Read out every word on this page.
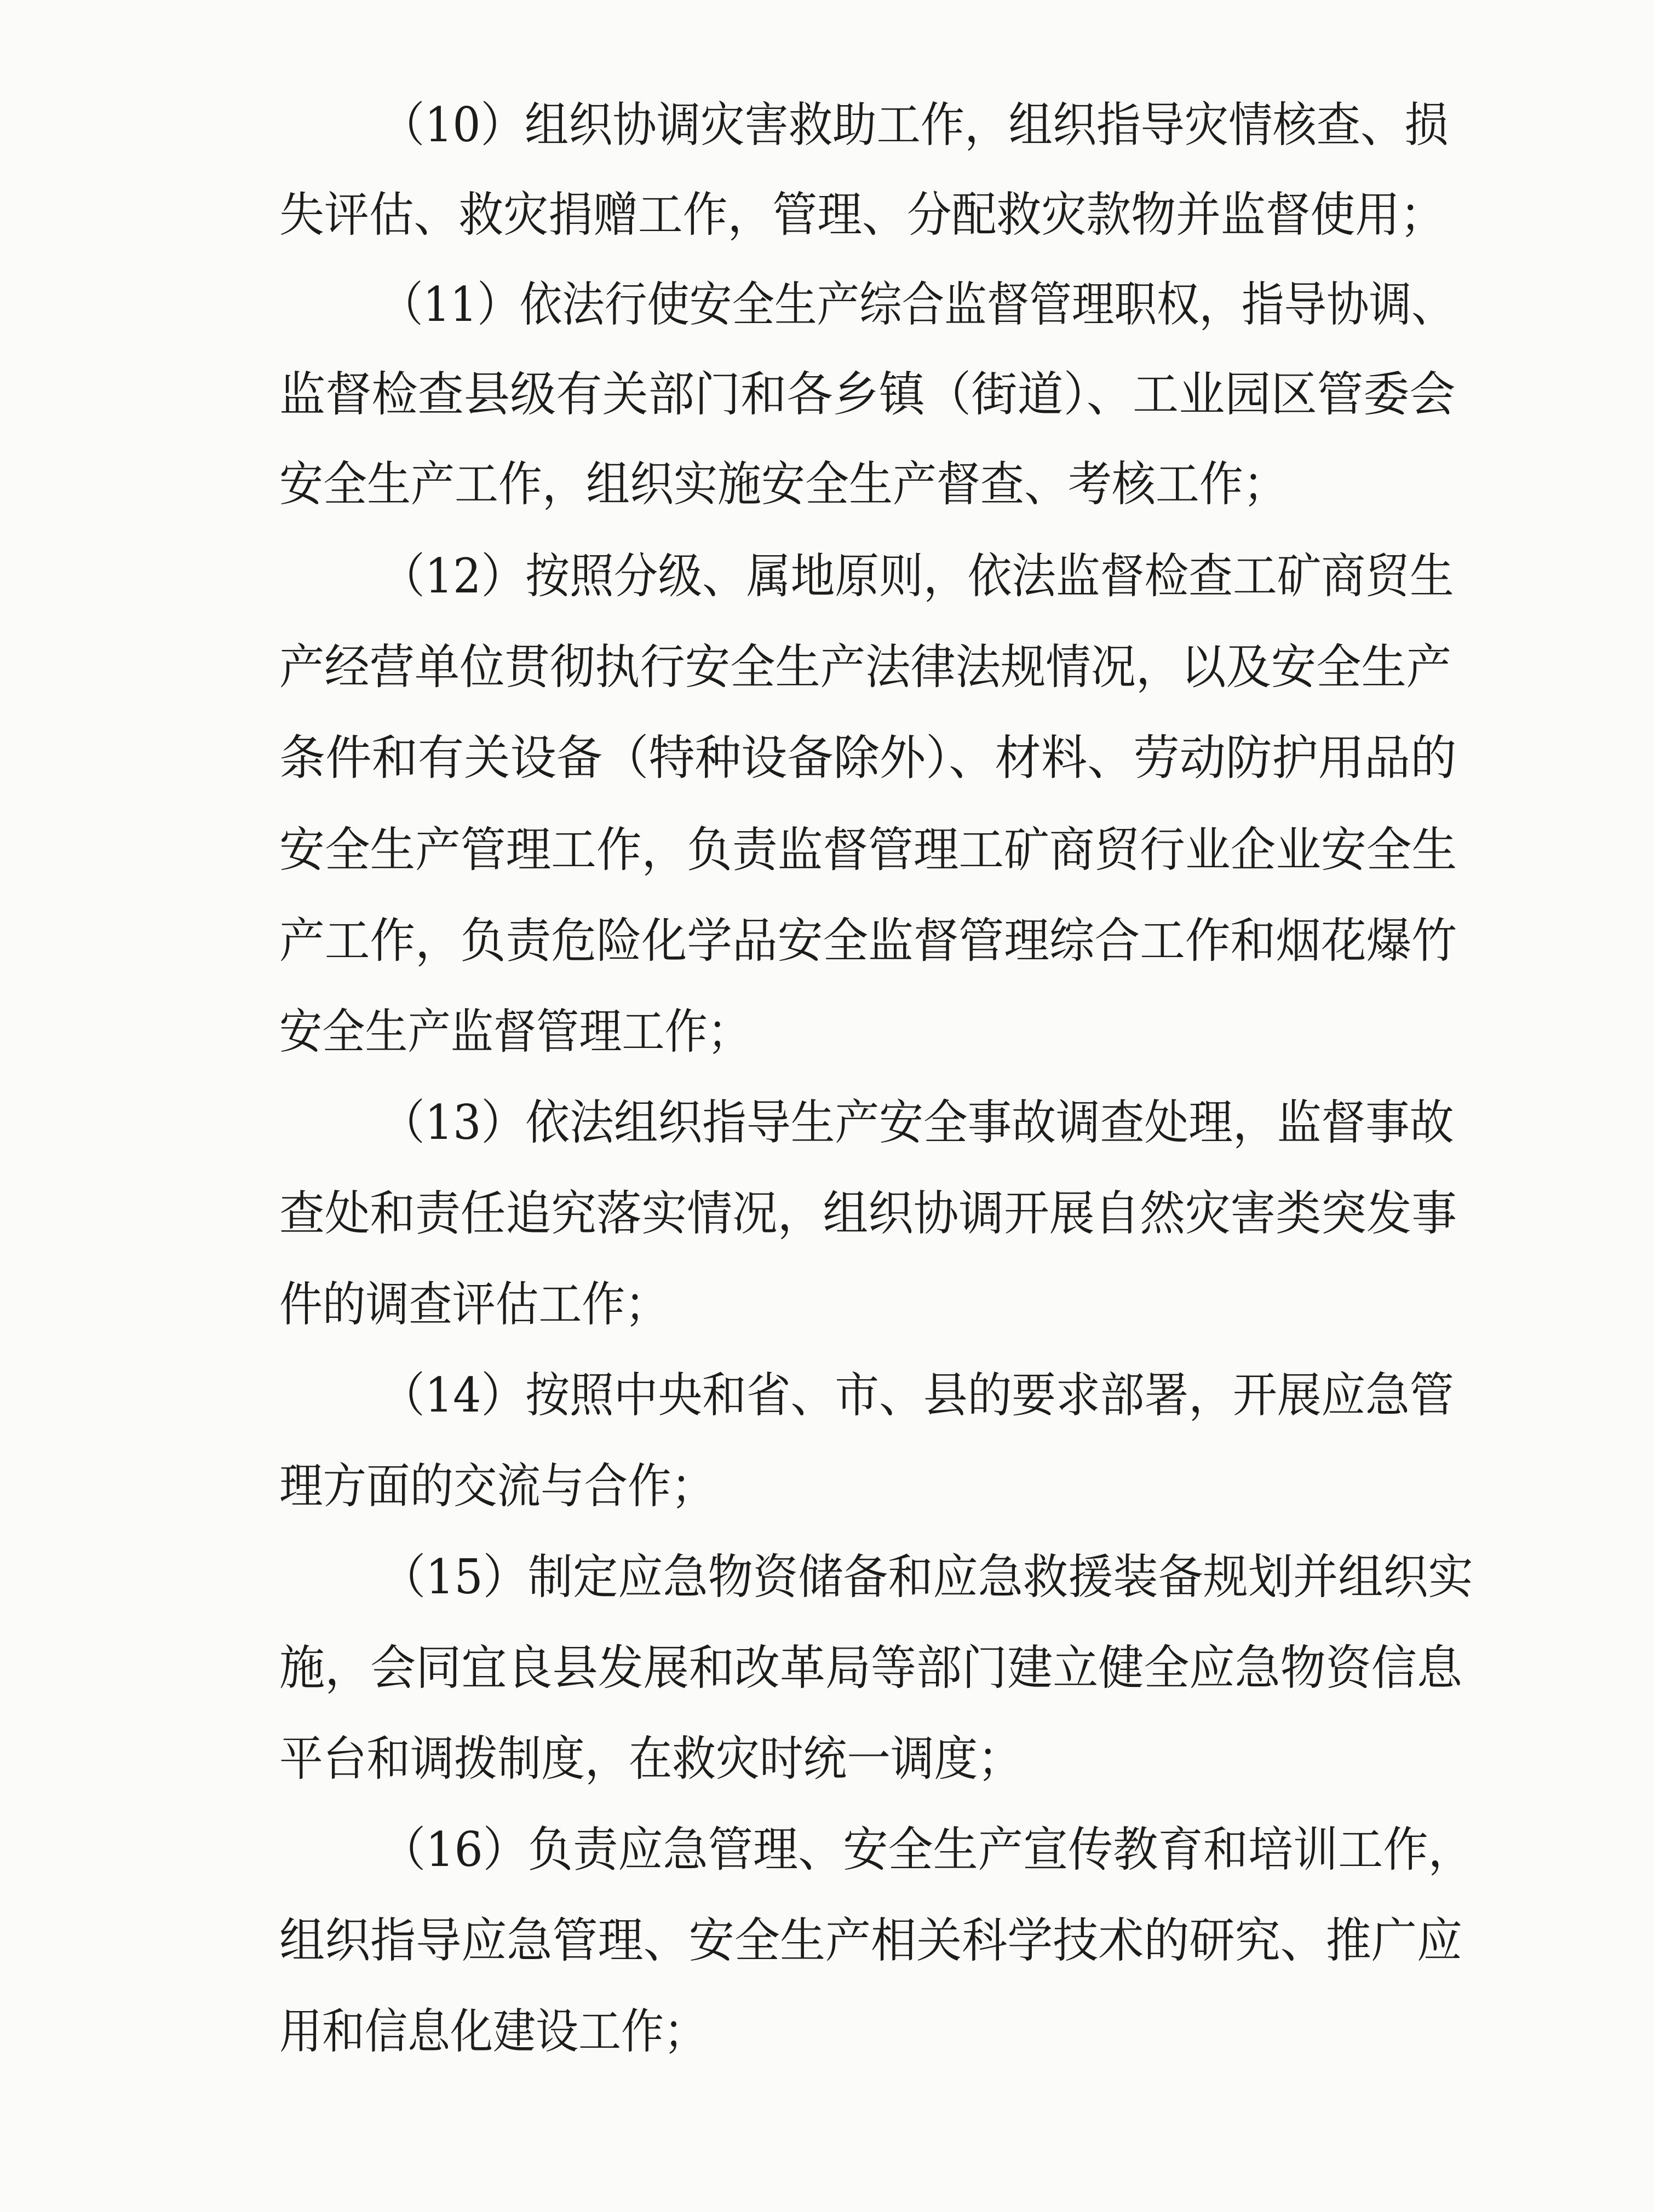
（10）组织协调灾害救助工作，组织指导灾情核查、损
失评估、救灾捐赠工作，管理、分配救灾款物并监督使用；
（11）依法行使安全生产综合监督管理职权，指导协调、
监督检查县级有关部门和各乡镇（街道）、工业园区管委会
安全生产工作，组织实施安全生产督查、考核工作；
（12）按照分级、属地原则，依法监督检查工矿商贸生
产经营单位贯彻执行安全生产法律法规情况，以及安全生产
条件和有关设备（特种设备除外）、材料、劳动防护用品的
安全生产管理工作，负责监督管理工矿商贸行业企业安全生
产工作，负责危险化学品安全监督管理综合工作和烟花爆竹
安全生产监督管理工作；
（13）依法组织指导生产安全事故调查处理，监督事故
查处和责任追究落实情况，组织协调开展自然灾害类突发事
件的调查评估工作；
（14）按照中央和省、市、县的要求部署，开展应急管
理方面的交流与合作；
（15）制定应急物资储备和应急救援装备规划并组织实
施，会同宜良县发展和改革局等部门建立健全应急物资信息
平台和调拨制度，在救灾时统一调度；
（16）负责应急管理、安全生产宣传教育和培训工作，
组织指导应急管理、安全生产相关科学技术的研究、推广应
用和信息化建设工作；
